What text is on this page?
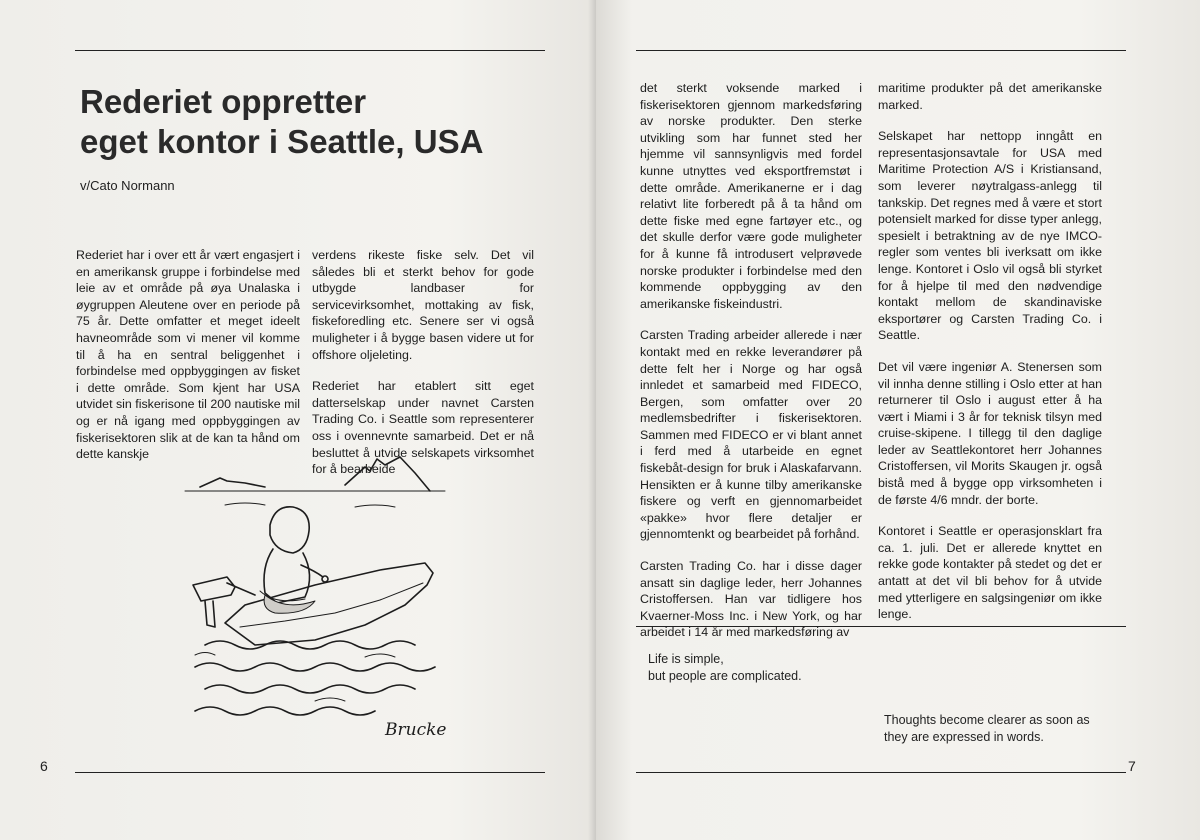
Rederiet oppretter
eget kontor i Seattle, USA
v/Cato Normann

Rederiet har i over ett år vært engasjert i en amerikansk gruppe i forbindelse med leie av et område på øya Unalaska i øygruppen Aleutene over en periode på 75 år. Dette omfatter et meget ideelt havneområde som vi mener vil komme til å ha en sentral beliggenhet i forbindelse med oppbyggingen av fisket i dette område. Som kjent har USA utvidet sin fiskerisone til 200 nautiske mil og er nå igang med oppbyggingen av fiskerisektoren slik at de kan ta hånd om dette kanskje

verdens rikeste fiske selv. Det vil således bli et sterkt behov for gode utbygde landbaser for servicevirksomhet, mottaking av fisk, fiskeforedling etc. Senere ser vi også muligheter i å bygge basen videre ut for offshore oljeleting.

Rederiet har etablert sitt eget datterselskap under navnet Carsten Trading Co. i Seattle som representerer oss i ovennevnte samarbeid. Det er nå besluttet å utvide selskapets virksomhet for å bearbeide

Brucke
6

det sterkt voksende marked i fiskerisektoren gjennom markedsføring av norske produkter. Den sterke utvikling som har funnet sted her hjemme vil sannsynligvis med fordel kunne utnyttes ved eksportfremstøt i dette område. Amerikanerne er i dag relativt lite forberedt på å ta hånd om dette fiske med egne fartøyer etc., og det skulle derfor være gode muligheter for å kunne få introdusert velprøvede norske produkter i forbindelse med den kommende oppbygging av den amerikanske fiskeindustri.

Carsten Trading arbeider allerede i nær kontakt med en rekke leverandører på dette felt her i Norge og har også innledet et samarbeid med FIDECO, Bergen, som omfatter over 20 medlemsbedrifter i fiskerisektoren. Sammen med FIDECO er vi blant annet i ferd med å utarbeide en egnet fiskebåt-design for bruk i Alaskafarvann. Hensikten er å kunne tilby amerikanske fiskere og verft en gjennomarbeidet «pakke» hvor flere detaljer er gjennomtenkt og bearbeidet på forhånd.

Carsten Trading Co. har i disse dager ansatt sin daglige leder, herr Johannes Cristoffersen. Han var tidligere hos Kvaerner-Moss Inc. i New York, og har arbeidet i 14 år med markedsføring av

maritime produkter på det amerikanske marked.

Selskapet har nettopp inngått en representasjonsavtale for USA med Maritime Protection A/S i Kristiansand, som leverer nøytralgass-anlegg til tankskip. Det regnes med å være et stort potensielt marked for disse typer anlegg, spesielt i betraktning av de nye IMCO-regler som ventes bli iverksatt om ikke lenge. Kontoret i Oslo vil også bli styrket for å hjelpe til med den nødvendige kontakt mellom de skandinaviske eksportører og Carsten Trading Co. i Seattle.

Det vil være ingeniør A. Stenersen som vil innha denne stilling i Oslo etter at han returnerer til Oslo i august etter å ha vært i Miami i 3 år for teknisk tilsyn med cruise-skipene. I tillegg til den daglige leder av Seattlekontoret herr Johannes Cristoffersen, vil Morits Skaugen jr. også bistå med å bygge opp virksomheten i de første 4/6 mndr. der borte.

Kontoret i Seattle er operasjonsklart fra ca. 1. juli. Det er allerede knyttet en rekke gode kontakter på stedet og det er antatt at det vil bli behov for å utvide med ytterligere en salgsingeniør om ikke lenge.

Life is simple,
but people are complicated.
Thoughts become clearer as soon as
they are expressed in words.
7
